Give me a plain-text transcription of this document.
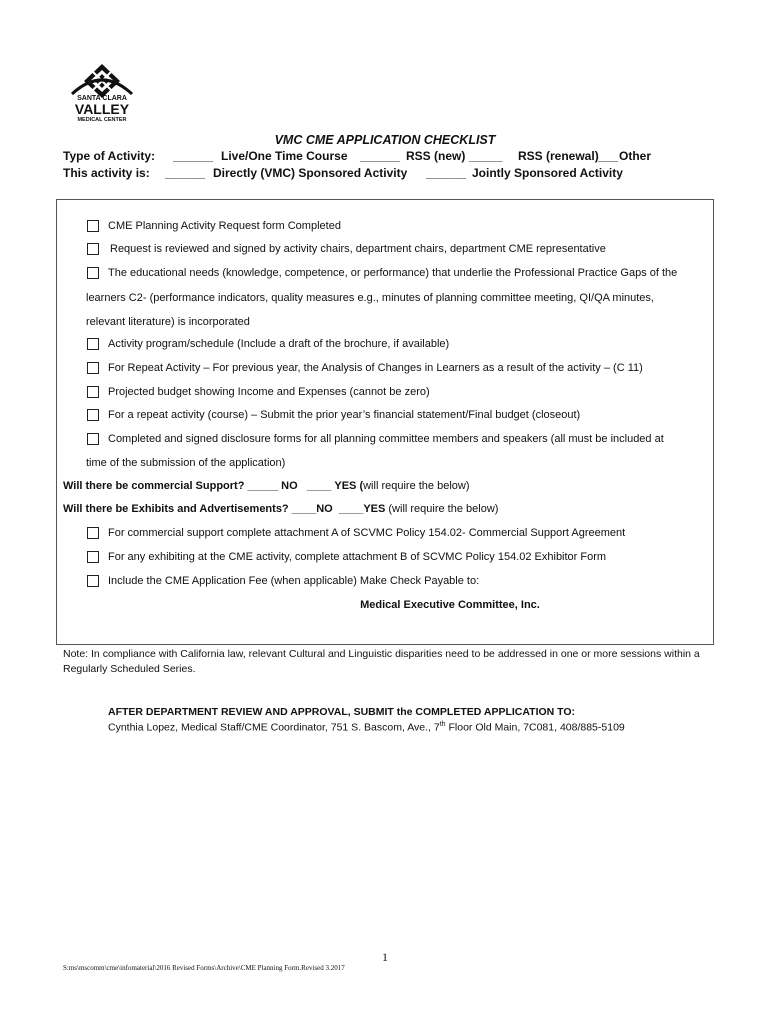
SANTA CLARA
VALLEY
MEDICAL CENTER
VMC CME APPLICATION CHECKLIST
Type of Activity: ______ Live/One Time Course ______ RSS (new) _____ RSS (renewal) ___ Other
This activity is: ______ Directly (VMC) Sponsored Activity ______ Jointly Sponsored Activity
CME Planning Activity Request form Completed
Request is reviewed and signed by activity chairs, department chairs, department CME representative
The educational needs (knowledge, competence, or performance) that underlie the Professional Practice Gaps of the
learners C2- (performance indicators, quality measures e.g., minutes of planning committee meeting, QI/QA minutes,
relevant literature) is incorporated
Activity program/schedule (Include a draft of the brochure, if available)
For Repeat Activity – For previous year, the Analysis of Changes in Learners as a result of the activity – (C 11)
Projected budget showing Income and Expenses (cannot be zero)
For a repeat activity (course) – Submit the prior year’s financial statement/Final budget (closeout)
Completed and signed disclosure forms for all planning committee members and speakers (all must be included at
time of the submission of the application)
Will there be commercial Support? _____ NO ____ YES (will require the below)
Will there be Exhibits and Advertisements? ____NO ____YES (will require the below)
For commercial support complete attachment A of SCVMC Policy 154.02- Commercial Support Agreement
For any exhibiting at the CME activity, complete attachment B of SCVMC Policy 154.02 Exhibitor Form
Include the CME Application Fee (when applicable) Make Check Payable to:
Medical Executive Committee, Inc.
Note: In compliance with California law, relevant Cultural and Linguistic disparities need to be addressed in one or more sessions within a Regularly Scheduled Series.
AFTER DEPARTMENT REVIEW AND APPROVAL, SUBMIT the COMPLETED APPLICATION TO:
Cynthia Lopez, Medical Staff/CME Coordinator, 751 S. Bascom, Ave., 7th Floor Old Main, 7C081, 408/885-5109
1
S:ms\mscomm\cme\infomaterial\2016 Revised Forms\Archive\CME Planning Form.Revised 3.2017
